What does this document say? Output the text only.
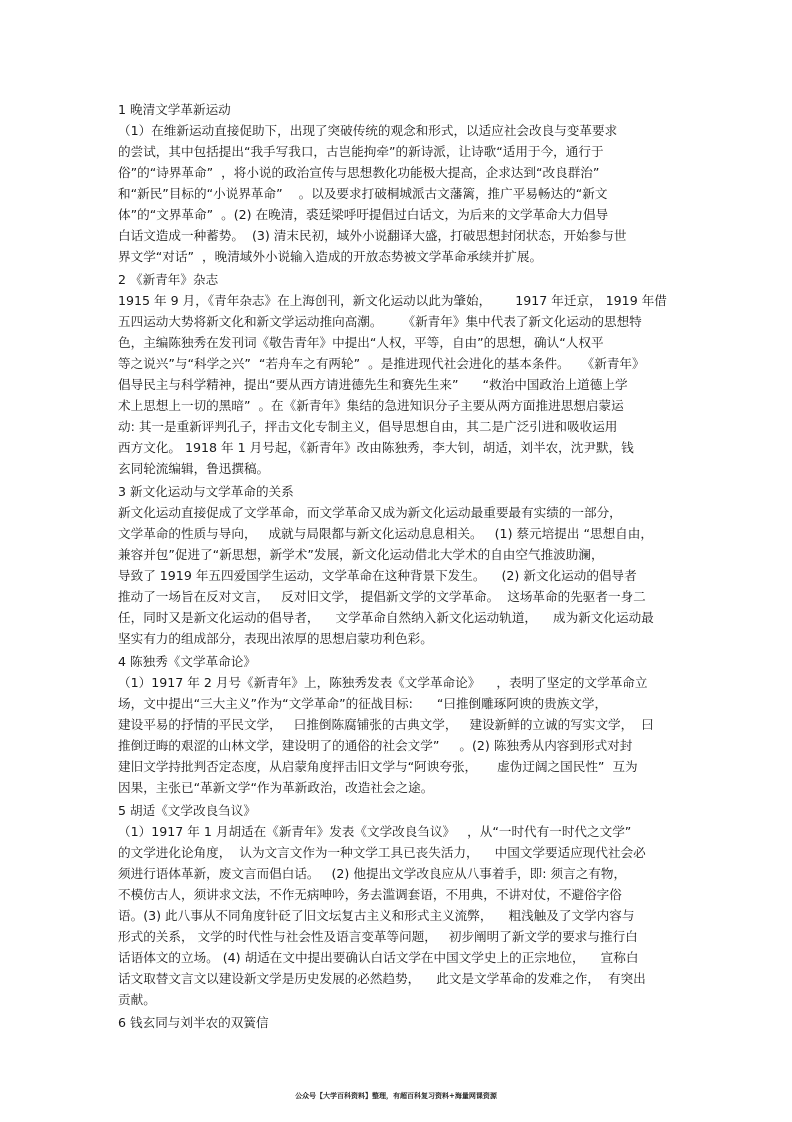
1 晚清文学革新运动
（1）在维新运动直接促助下，出现了突破传统的观念和形式，以适应社会改良与变革要求
的尝试，其中包括提出“我手写我口，古岂能拘牵”的新诗派，让诗歌“适用于今，通行于
俗”的“诗界革命”  ，将小说的政治宣传与思想教化功能极大提高，企求达到“改良群治”
和“新民”目标的“小说界革命”    。以及要求打破桐城派古文藩篱，推广平易畅达的“新文
体”的“文界革命”  。(2) 在晚清，裘廷梁呼吁提倡过白话文，为后来的文学革命大力倡导
白话文造成一种蓄势。  (3) 清末民初，域外小说翻译大盛，打破思想封闭状态，开始参与世
界文学“对话”  ，晚清域外小说输入造成的开放态势被文学革命承续并扩展。
2 《新青年》杂志
1915 年 9 月，《青年杂志》在上海创刊，新文化运动以此为肇始，      1917 年迁京， 1919 年借
五四运动大势将新文化和新文学运动推向高潮。     《新青年》集中代表了新文化运动的思想特
色，主编陈独秀在发刊词《敬告青年》中提出“人权，平等，自由”的思想，确认“人权平
等之说兴”与“科学之兴”  “若舟车之有两轮”  。是推进现代社会进化的基本条件。   《新青年》
倡导民主与科学精神，提出“要从西方请进德先生和赛先生来”      “救治中国政治上道德上学
术上思想上一切的黑暗”  。在《新青年》集结的急进知识分子主要从两方面推进思想启蒙运
动: 其一是重新评判孔子，抨击文化专制主义，倡导思想自由，其二是广泛引进和吸收运用
西方文化。 1918 年 1 月号起，《新青年》改由陈独秀，李大钊，胡适，刘半农，沈尹默，钱
玄同轮流编辑，鲁迅撰稿。
3 新文化运动与文学革命的关系
新文化运动直接促成了文学革命，而文学革命又成为新文化运动最重要最有实绩的一部分，
文学革命的性质与导向，   成就与局限都与新文化运动息息相关。   (1) 蔡元培提出 “思想自由，
兼容并包”促进了“新思想，新学术”发展，新文化运动借北大学术的自由空气推波助澜，
导致了 1919 年五四爱国学生运动，文学革命在这种背景下发生。    (2) 新文化运动的倡导者
推动了一场旨在反对文言，   反对旧文学， 提倡新文学的文学革命。  这场革命的先驱者一身二
任，同时又是新文化运动的倡导者，    文学革命自然纳入新文化运动轨道，    成为新文化运动最
坚实有力的组成部分，表现出浓厚的思想启蒙功利色彩。
4 陈独秀《文学革命论》
（1）1917 年 2 月号《新青年》上，陈独秀发表《文学革命论》    ，表明了坚定的文学革命立
场，文中提出“三大主义”作为“文学革命”的征战目标:      “曰推倒雕琢阿谀的贵族文学，
建设平易的抒情的平民文学，   曰推倒陈腐铺张的古典文学，   建设新鲜的立诚的写实文学，  曰
推倒迂晦的艰涩的山林文学，建设明了的通俗的社会文学”     。(2) 陈独秀从内容到形式对封
建旧文学持批判否定态度，从启蒙角度抨击旧文学与“阿谀夸张，     虚伪迂阔之国民性”  互为
因果，主张已“革新文学“作为革新政治，改造社会之途。
5 胡适《文学改良刍议》
（1）1917 年 1 月胡适在《新青年》发表《文学改良刍议》   ，从“一时代有一时代之文学”
的文学进化论角度，  认为文言文作为一种文学工具已丧失活力，    中国文学要适应现代社会必
须进行语体革新，废文言而倡白话。   (2) 他提出文学改良应从八事着手，即: 须言之有物，
不模仿古人，须讲求文法，不作无病呻吟，务去滥调套语，不用典，不讲对仗，不避俗字俗
语。(3) 此八事从不同角度针砭了旧文坛复古主义和形式主义流弊，    粗浅触及了文学内容与
形式的关系， 文学的时代性与社会性及语言变革等问题，   初步阐明了新文学的要求与推行白
话语体文的立场。 (4) 胡适在文中提出要确认白话文学在中国文学史上的正宗地位，    宣称白
话文取替文言文以建设新文学是历史发展的必然趋势，    此文是文学革命的发难之作，  有突出
贡献。
6 钱玄同与刘半农的双簧信
公众号【大学百科资料】整理，有超百科复习资料+海量网课资源
